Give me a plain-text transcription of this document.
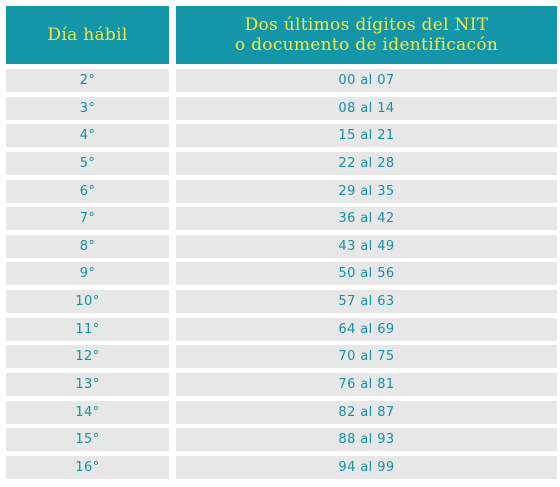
Día hábil	Dos últimos dígitos del NIT
o documento de identificacón
2°	00 al 07
3°	08 al 14
4°	15 al 21
5°	22 al 28
6°	29 al 35
7°	36 al 42
8°	43 al 49
9°	50 al 56
10°	57 al 63
11°	64 al 69
12°	70 al 75
13°	76 al 81
14°	82 al 87
15°	88 al 93
16°	94 al 99
